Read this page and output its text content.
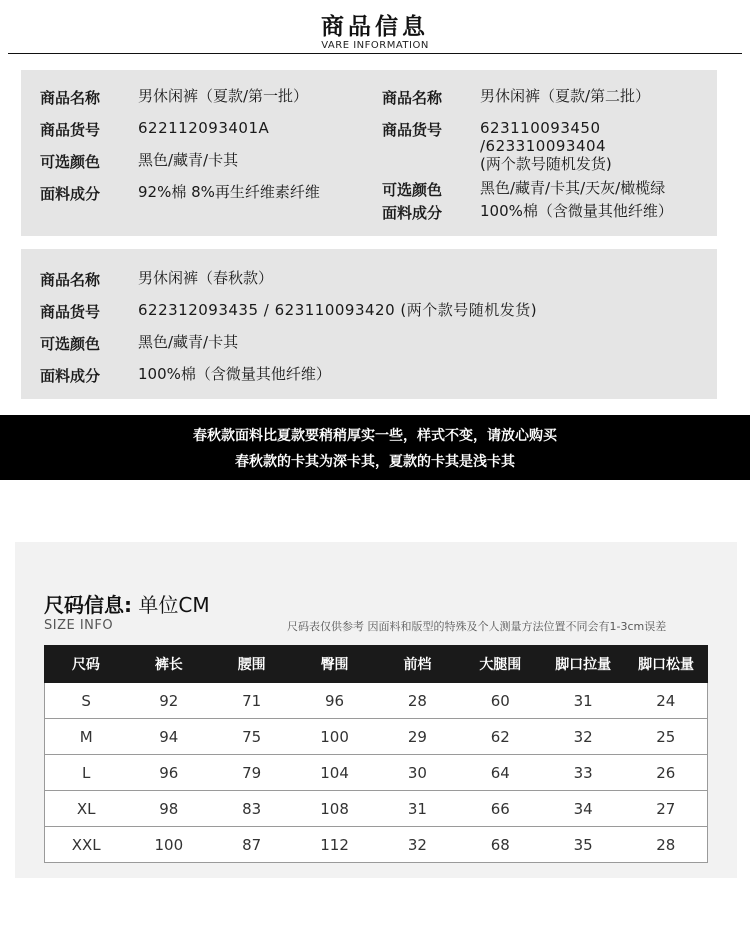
商品信息
VARE INFORMATION
商品名称	男休闲裤（夏款/第一批）
商品货号	622112093401A
可选颜色	黑色/藏青/卡其
面料成分	92%棉 8%再生纤维素纤维
商品名称	男休闲裤（夏款/第二批）
商品货号	623110093450
/623310093404
(两个款号随机发货)
可选颜色	黑色/藏青/卡其/天灰/橄榄绿
面料成分	100%棉（含微量其他纤维）
商品名称	男休闲裤（春秋款）
商品货号	622312093435 / 623110093420 (两个款号随机发货)
可选颜色	黑色/藏青/卡其
面料成分	100%棉（含微量其他纤维）
春秋款面料比夏款要稍稍厚实一些，样式不变，请放心购买
春秋款的卡其为深卡其，夏款的卡其是浅卡其
尺码信息: 单位CM
SIZE INFO	尺码表仅供参考 因面料和版型的特殊及个人测量方法位置不同会有1-3cm误差
尺码	裤长	腰围	臀围	前档	大腿围	脚口拉量	脚口松量
S	92	71	96	28	60	31	24
M	94	75	100	29	62	32	25
L	96	79	104	30	64	33	26
XL	98	83	108	31	66	34	27
XXL	100	87	112	32	68	35	28
